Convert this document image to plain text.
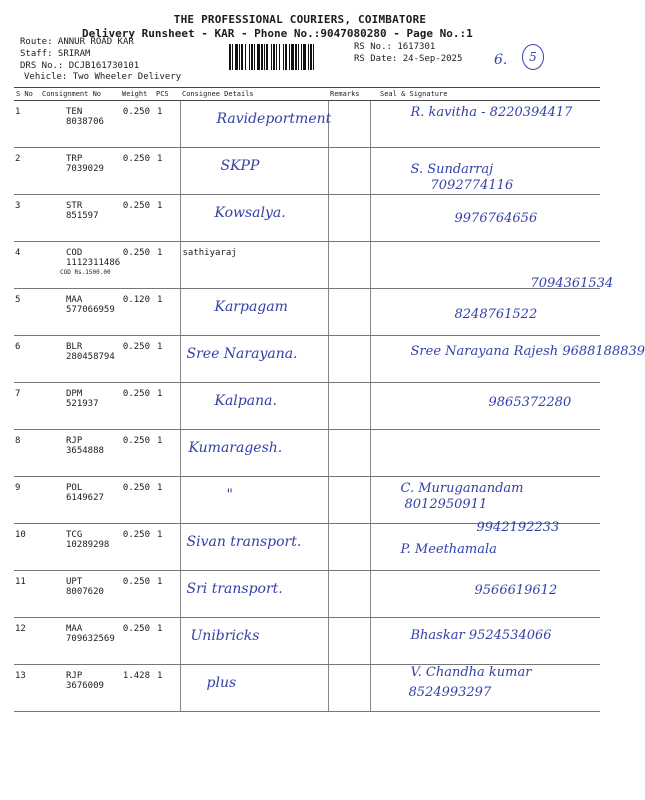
THE PROFESSIONAL COURIERS, COIMBATORE
Delivery Runsheet - KAR - Phone No.:9047080280 - Page No.:1
Route: ANNUR ROAD KAR
Staff: SRIRAM
DRS No.: DCJB161730101
Vehicle: Two Wheeler Delivery
RS No.: 1617301
RS Date: 24-Sep-2025 6.	5
S No	Consignment No	Weight	PCS	Consignee Details	Remarks	Seal & Signature
1	TEN 8038706	0.250	1	Ravideportment		R. kavitha - 8220394417

2	TRP 7039029	0.250	1	SKPP		S. Sundarraj
7092774116

3	STR 851597	0.250	1	Kowsalya.		9976764656

4	COD 1112311486
COD Rs.1500.00	0.250	1	sathiyaraj		7094361534

5	MAA 577066959	0.120	1	Karpagam		8248761522

6	BLR 280458794	0.250	1	Sree Narayana.		Sree Narayana Rajesh 9688188839

7	DPM 521937	0.250	1	Kalpana.		9865372280

8	RJP 3654888	0.250	1	Kumaragesh.		

9	POL 6149627	0.250	1	"		C. Muruganandam
8012950911

10	TCG 10289298	0.250	1	Sivan transport.		9942192233
P. Meethamala

11	UPT 8007620	0.250	1	Sri transport.		9566619612

12	MAA 709632569	0.250	1	Unibricks		Bhaskar 9524534066

13	RJP 3676009	1.428	1	plus		V. Chandha kumar
8524993297
